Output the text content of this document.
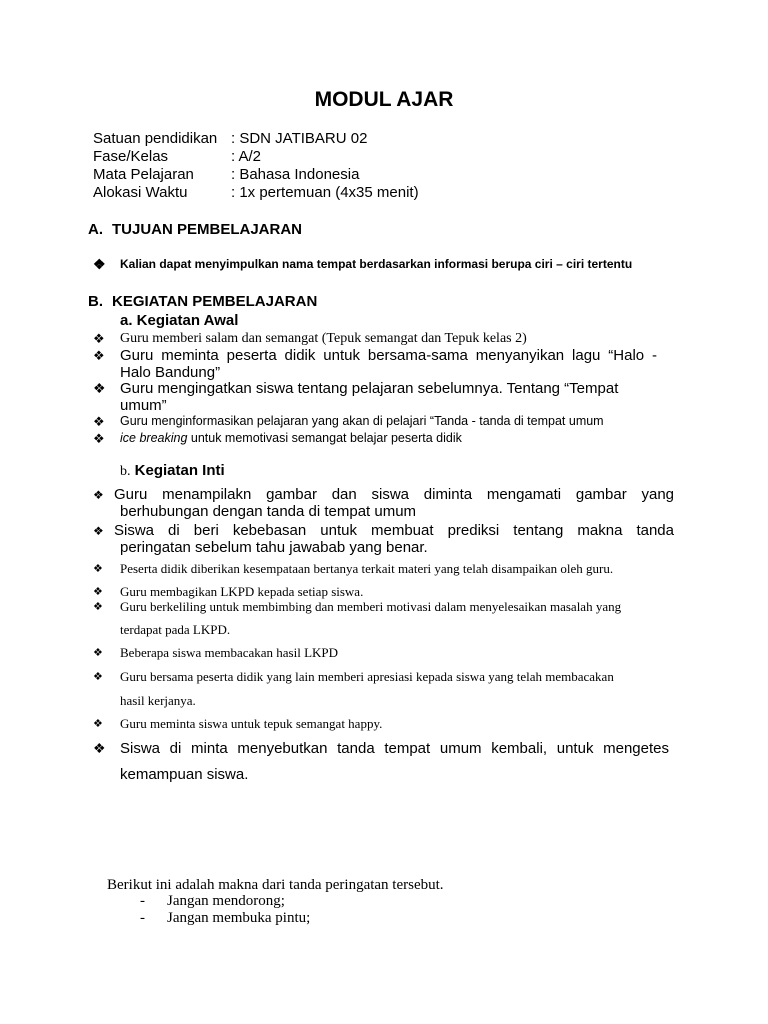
MODUL AJAR
Satuan pendidikan : SDN JATIBARU 02
Fase/Kelas	: A/2
Mata Pelajaran : Bahasa Indonesia
Alokasi Waktu	: 1x pertemuan (4x35 menit)
A. TUJUAN PEMBELAJARAN
❖ Kalian dapat menyimpulkan nama tempat berdasarkan informasi berupa ciri – ciri tertentu
B. KEGIATAN PEMBELAJARAN
a. Kegiatan Awal
❖ Guru memberi salam dan semangat (Tepuk semangat dan Tepuk kelas 2)
❖ Guru meminta peserta didik untuk bersama-sama menyanyikan lagu “Halo -
Halo Bandung”
❖ Guru mengingatkan siswa tentang pelajaran sebelumnya. Tentang “Tempat
umum”
❖ Guru menginformasikan pelajaran yang akan di pelajari “Tanda - tanda di tempat umum
❖ ice breaking untuk memotivasi semangat belajar peserta didik
b. Kegiatan Inti
❖ Guru menampilakn gambar dan siswa diminta mengamati gambar yang
berhubungan dengan tanda di tempat umum
❖ Siswa di beri kebebasan untuk membuat prediksi tentang makna tanda
peringatan sebelum tahu jawabab yang benar.
❖ Peserta didik diberikan kesempataan bertanya terkait materi yang telah disampaikan oleh guru.
❖ Guru membagikan LKPD kepada setiap siswa.
❖ Guru berkeliling untuk membimbing dan memberi motivasi dalam menyelesaikan masalah yang
terdapat pada LKPD.
❖ Beberapa siswa membacakan hasil LKPD
❖ Guru bersama peserta didik yang lain memberi apresiasi kepada siswa yang telah membacakan
hasil kerjanya.
❖ Guru meminta siswa untuk tepuk semangat happy.
❖ Siswa di minta menyebutkan tanda tempat umum kembali, untuk mengetes
kemampuan siswa.
Berikut ini adalah makna dari tanda peringatan tersebut.
- Jangan mendorong;
- Jangan membuka pintu;
